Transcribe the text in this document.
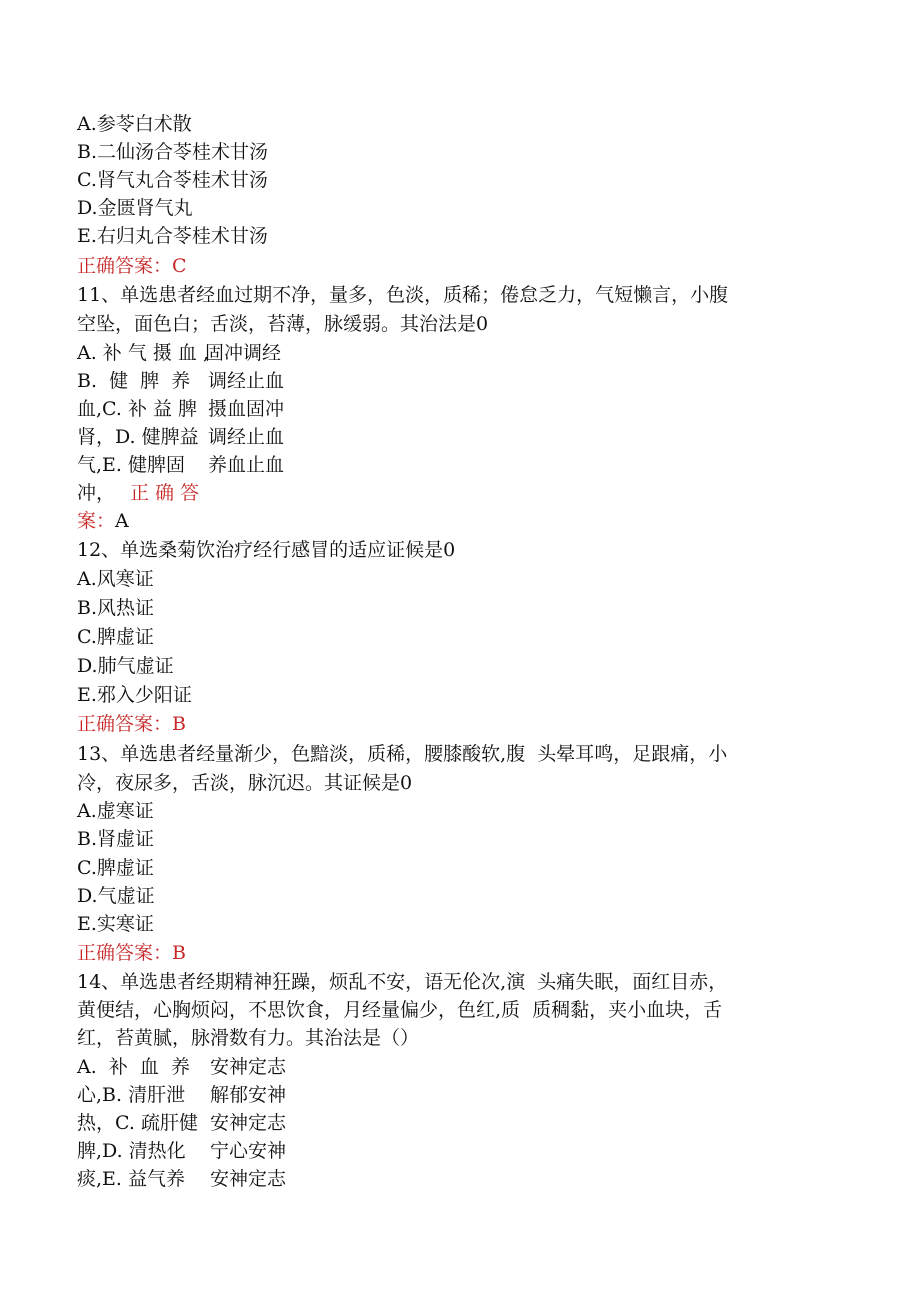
A.参苓白术散
B.二仙汤合苓桂术甘汤
C.肾气丸合苓桂术甘汤
D.金匮肾气丸
E.右归丸合苓桂术甘汤
正确答案：C
11、单选患者经血过期不净，量多，色淡，质稀；倦怠乏力，气短懒言，小腹
空坠，面色白；舌淡，苔薄，脉缓弱。其治法是0
A. 补 气 摄 血 ,
固冲调经
B.  健  脾  养 调经止血
血,C. 补 益 脾 摄血固冲
肾，D. 健脾益 调经止血
气,E. 健脾固 养血止血
冲， 正 确 答
案：A
12、单选桑菊饮治疗经行感冒的适应证候是0
A.风寒证
B.风热证
C.脾虚证
D.肺气虚证
E.邪入少阳证
正确答案：B
13、单选患者经量渐少，色黯淡，质稀，腰膝酸软,腹  头晕耳鸣，足跟痛，小
冷，夜尿多，舌淡，脉沉迟。其证候是0
A.虚寒证
B.肾虚证
C.脾虚证
D.气虚证
E.实寒证
正确答案：B
14、单选患者经期精神狂躁，烦乱不安，语无伦次,演  头痛失眠，面红目赤，
黄便结，心胸烦闷，不思饮食，月经量偏少，色红,质  质稠黏，夹小血块，舌
红，苔黄腻，脉滑数有力。其治法是（）
A.  补  血  养 安神定志
心,B. 清肝泄 解郁安神
热，C. 疏肝健 安神定志
脾,D. 清热化 宁心安神
痰,E. 益气养 安神定志
